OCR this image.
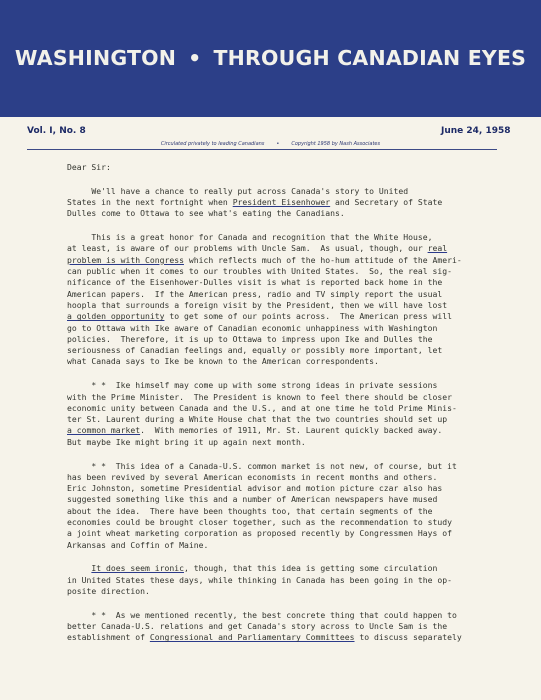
WASHINGTON • THROUGH CANADIAN EYES
Vol. I, No. 8	June 24, 1958
Circulated privately to leading Canadians • Copyright 1958 by Nash Associates
Dear Sir:
We'll have a chance to really put across Canada's story to United
States in the next fortnight when President Eisenhower and Secretary of State
Dulles come to Ottawa to see what's eating the Canadians.
This is a great honor for Canada and recognition that the White House,
at least, is aware of our problems with Uncle Sam.  As usual, though, our real
problem is with Congress which reflects much of the ho-hum attitude of the Ameri-
can public when it comes to our troubles with United States.  So, the real sig-
nificance of the Eisenhower-Dulles visit is what is reported back home in the
American papers.  If the American press, radio and TV simply report the usual
hoopla that surrounds a foreign visit by the President, then we will have lost
a golden opportunity to get some of our points across.  The American press will
go to Ottawa with Ike aware of Canadian economic unhappiness with Washington
policies.  Therefore, it is up to Ottawa to impress upon Ike and Dulles the
seriousness of Canadian feelings and, equally or possibly more important, let
what Canada says to Ike be known to the American correspondents.
* *  Ike himself may come up with some strong ideas in private sessions
with the Prime Minister.  The President is known to feel there should be closer
economic unity between Canada and the U.S., and at one time he told Prime Minis-
ter St. Laurent during a White House chat that the two countries should set up
a common market.  With memories of 1911, Mr. St. Laurent quickly backed away.
But maybe Ike might bring it up again next month.
* *  This idea of a Canada-U.S. common market is not new, of course, but it
has been revived by several American economists in recent months and others.
Eric Johnston, sometime Presidential advisor and motion picture czar also has
suggested something like this and a number of American newspapers have mused
about the idea.  There have been thoughts too, that certain segments of the
economies could be brought closer together, such as the recommendation to study
a joint wheat marketing corporation as proposed recently by Congressmen Hays of
Arkansas and Coffin of Maine.
It does seem ironic, though, that this idea is getting some circulation
in United States these days, while thinking in Canada has been going in the op-
posite direction.
* *  As we mentioned recently, the best concrete thing that could happen to
better Canada-U.S. relations and get Canada's story across to Uncle Sam is the
establishment of Congressional and Parliamentary Committees to discuss separately
